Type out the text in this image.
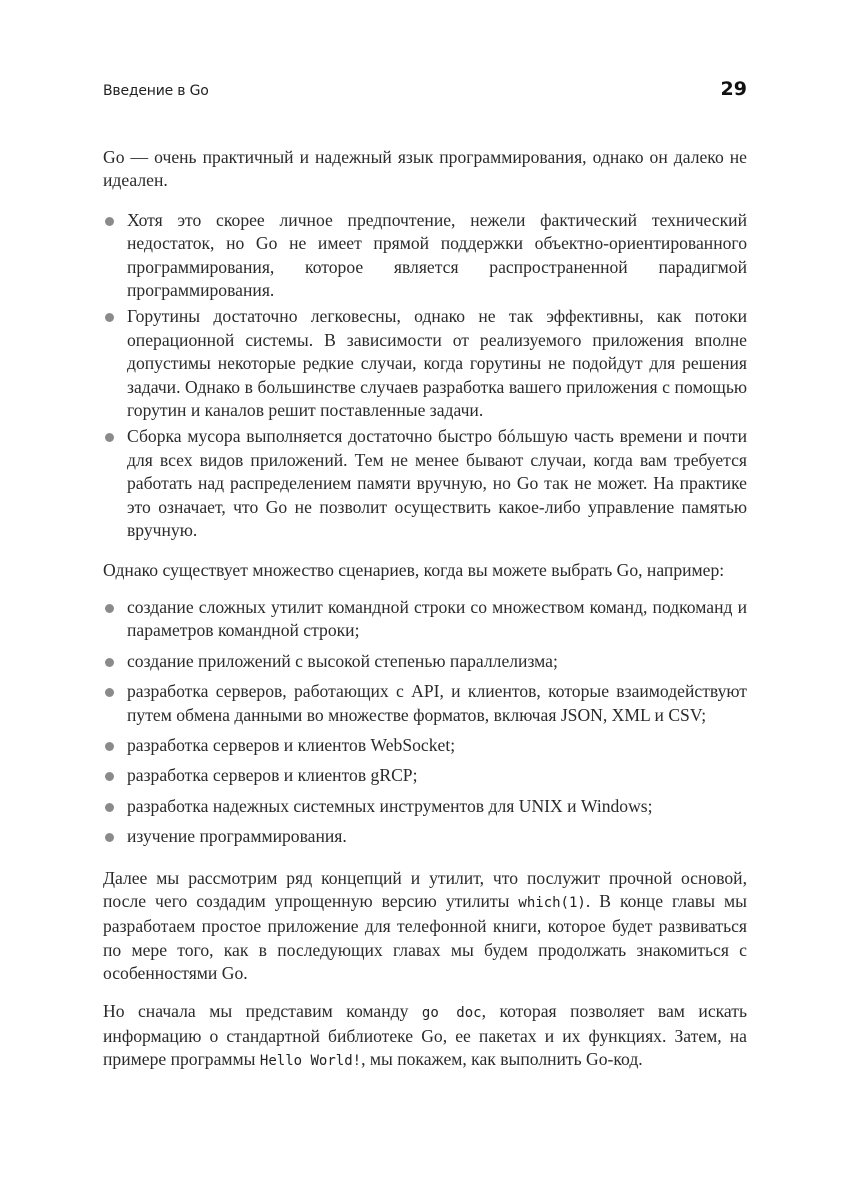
Введение в Go	29

Go — очень практичный и надежный язык программирования, однако он далеко не идеален.

Хотя это скорее личное предпочтение, нежели фактический технический недостаток, но Go не имеет прямой поддержки объектно-ориентированного программирования, которое является распространенной парадигмой программирования.
Горутины достаточно легковесны, однако не так эффективны, как потоки операционной системы. В зависимости от реализуемого приложения вполне допустимы некоторые редкие случаи, когда горутины не подойдут для решения задачи. Однако в большинстве случаев разработка вашего приложения с помощью горутин и каналов решит поставленные задачи.
Сборка мусора выполняется достаточно быстро бóльшую часть времени и почти для всех видов приложений. Тем не менее бывают случаи, когда вам требуется работать над распределением памяти вручную, но Go так не может. На практике это означает, что Go не позволит осуществить какое-либо управление памятью вручную.

Однако существует множество сценариев, когда вы можете выбрать Go, например:

создание сложных утилит командной строки со множеством команд, подкоманд и параметров командной строки;
создание приложений с высокой степенью параллелизма;
разработка серверов, работающих с API, и клиентов, которые взаимодействуют путем обмена данными во множестве форматов, включая JSON, XML и CSV;
разработка серверов и клиентов WebSocket;
разработка серверов и клиентов gRCP;
разработка надежных системных инструментов для UNIX и Windows;
изучение программирования.

Далее мы рассмотрим ряд концепций и утилит, что послужит прочной основой, после чего создадим упрощенную версию утилиты which(1). В конце главы мы разработаем простое приложение для телефонной книги, которое будет развиваться по мере того, как в последующих главах мы будем продолжать знакомиться с особенностями Go.

Но сначала мы представим команду go doc, которая позволяет вам искать информацию о стандартной библиотеке Go, ее пакетах и их функциях. Затем, на примере программы Hello World!, мы покажем, как выполнить Go-код.
